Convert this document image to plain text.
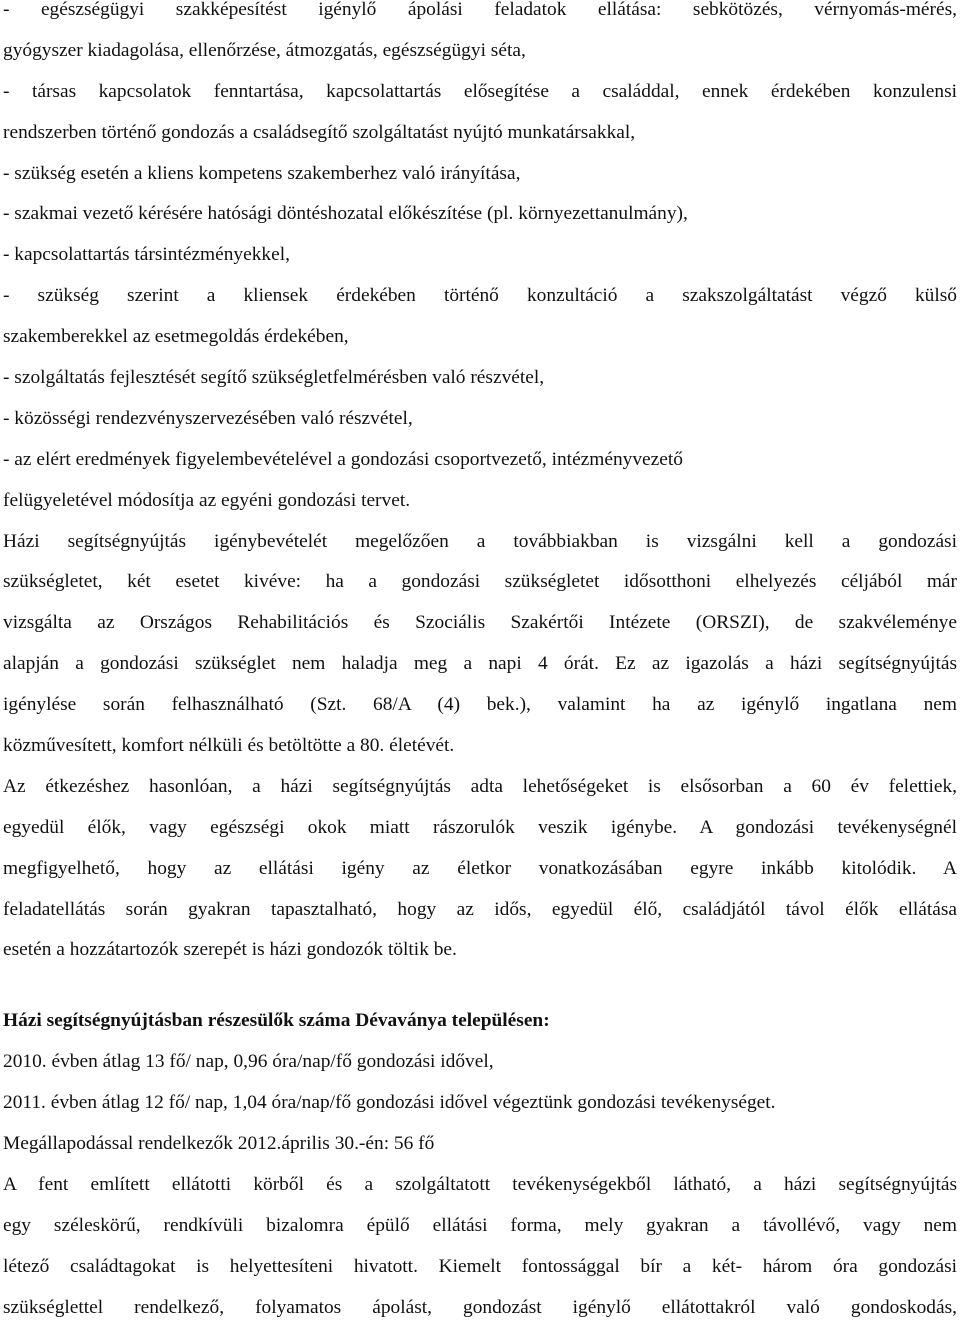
- egészségügyi szakképesítést igénylő ápolási feladatok ellátása: sebkötözés, vérnyomás-mérés,
gyógyszer kiadagolása, ellenőrzése, átmozgatás, egészségügyi séta,
- társas kapcsolatok fenntartása, kapcsolattartás elősegítése a családdal, ennek érdekében konzulensi
rendszerben történő gondozás a családsegítő szolgáltatást nyújtó munkatársakkal,
- szükség esetén a kliens kompetens szakemberhez való irányítása,
- szakmai vezető kérésére hatósági döntéshozatal előkészítése (pl. környezettanulmány),
- kapcsolattartás társintézményekkel,
- szükség szerint a kliensek érdekében történő konzultáció a szakszolgáltatást végző külső
szakemberekkel az esetmegoldás érdekében,
- szolgáltatás fejlesztését segítő szükségletfelmérésben való részvétel,
- közösségi rendezvényszervezésében való részvétel,
- az elért eredmények figyelembevételével a gondozási csoportvezető, intézményvezető
felügyeletével módosítja az egyéni gondozási tervet.
Házi segítségnyújtás igénybevételét megelőzően a továbbiakban is vizsgálni kell a gondozási
szükségletet, két esetet kivéve: ha a gondozási szükségletet idősotthoni elhelyezés céljából már
vizsgálta az Országos Rehabilitációs és Szociális Szakértői Intézete (ORSZI), de szakvéleménye
alapján a gondozási szükséglet nem haladja meg a napi 4 órát. Ez az igazolás a házi segítségnyújtás
igénylése során felhasználható (Szt. 68/A (4) bek.), valamint ha az igénylő ingatlana nem
közművesített, komfort nélküli és betöltötte a 80. életévét.
Az étkezéshez hasonlóan, a házi segítségnyújtás adta lehetőségeket is elsősorban a 60 év felettiek,
egyedül élők, vagy egészségi okok miatt rászorulók veszik igénybe. A gondozási tevékenységnél
megfigyelhető, hogy az ellátási igény az életkor vonatkozásában egyre inkább kitolódik. A
feladatellátás során gyakran tapasztalható, hogy az idős, egyedül élő, családjától távol élők ellátása
esetén a hozzátartozók szerepét is házi gondozók töltik be.
Házi segítségnyújtásban részesülők száma Dévaványa településen:
2010. évben átlag 13 fő/ nap, 0,96 óra/nap/fő gondozási idővel,
2011. évben átlag 12 fő/ nap, 1,04 óra/nap/fő gondozási idővel végeztünk gondozási tevékenységet.
Megállapodással rendelkezők 2012.április 30.-én: 56 fő
A fent említett ellátotti körből és a szolgáltatott tevékenységekből látható, a házi segítségnyújtás
egy széleskörű, rendkívüli bizalomra épülő ellátási forma, mely gyakran a távollévő, vagy nem
létező családtagokat is helyettesíteni hivatott. Kiemelt fontossággal bír a két- három óra gondozási
szükséglettel rendelkező, folyamatos ápolást, gondozást igénylő ellátottakról való gondoskodás,
